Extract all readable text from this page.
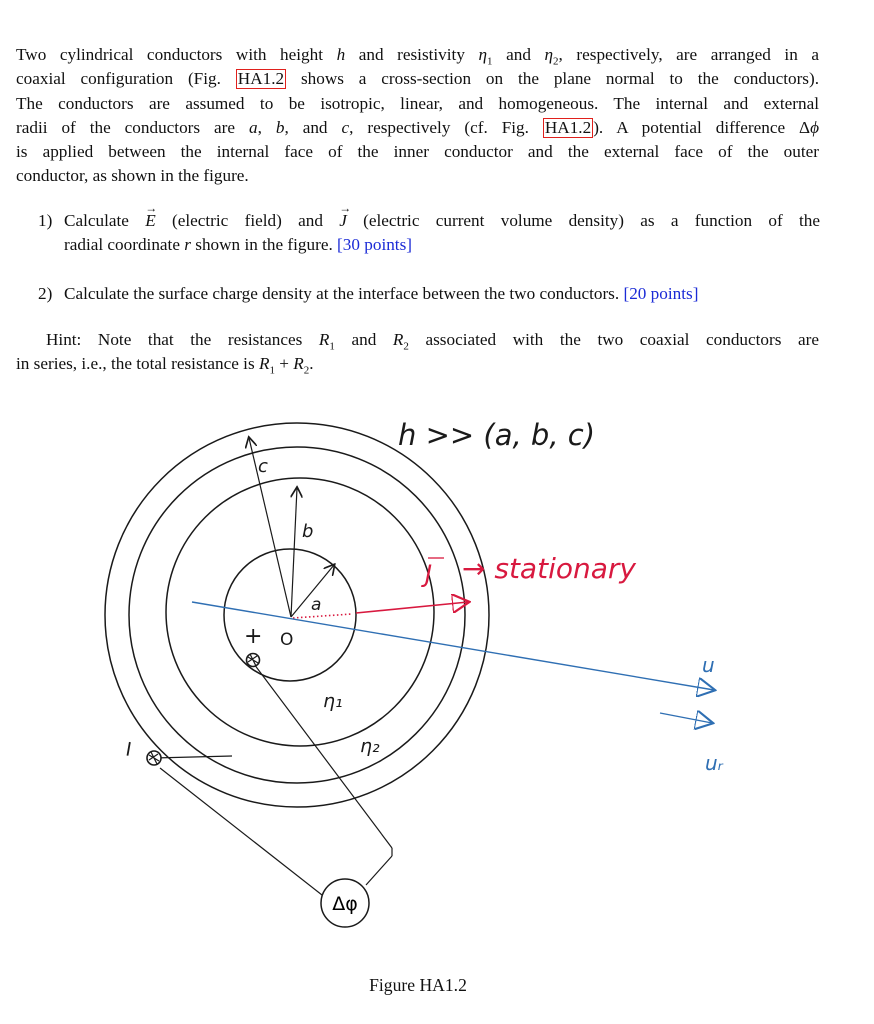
Two cylindrical conductors with height h and resistivity $\eta_1$ and $\eta_2$, respectively, are arranged in a
coaxial configuration (Fig. HA1.2 shows a cross-section on the plane normal to the conductors).
The conductors are assumed to be isotropic, linear, and homogeneous. The internal and external
radii of the conductors are a, b, and c, respectively (cf. Fig. HA1.2 ). A potential difference Δϕ
is applied between the internal face of the inner conductor and the external face of the outer
conductor, as shown in the figure.
1) Calculate → E (electric field) and → J (electric current volume density) as a function of the
radial coordinate r shown in the figure. [30 points]
2) Calculate the surface charge density at the interface between the two conductors. [20 points]
Hint: Note that the resistances $R_1$ and $R_2$ associated with the two coaxial conductors are
in series, i.e., the total resistance is $R_1 + R_2$.
Δφ
h >> (a, b, c)
c
b
a
O
+
−
η₁
η₂
J → stationary
u
uᵣ
Figure HA1.2
